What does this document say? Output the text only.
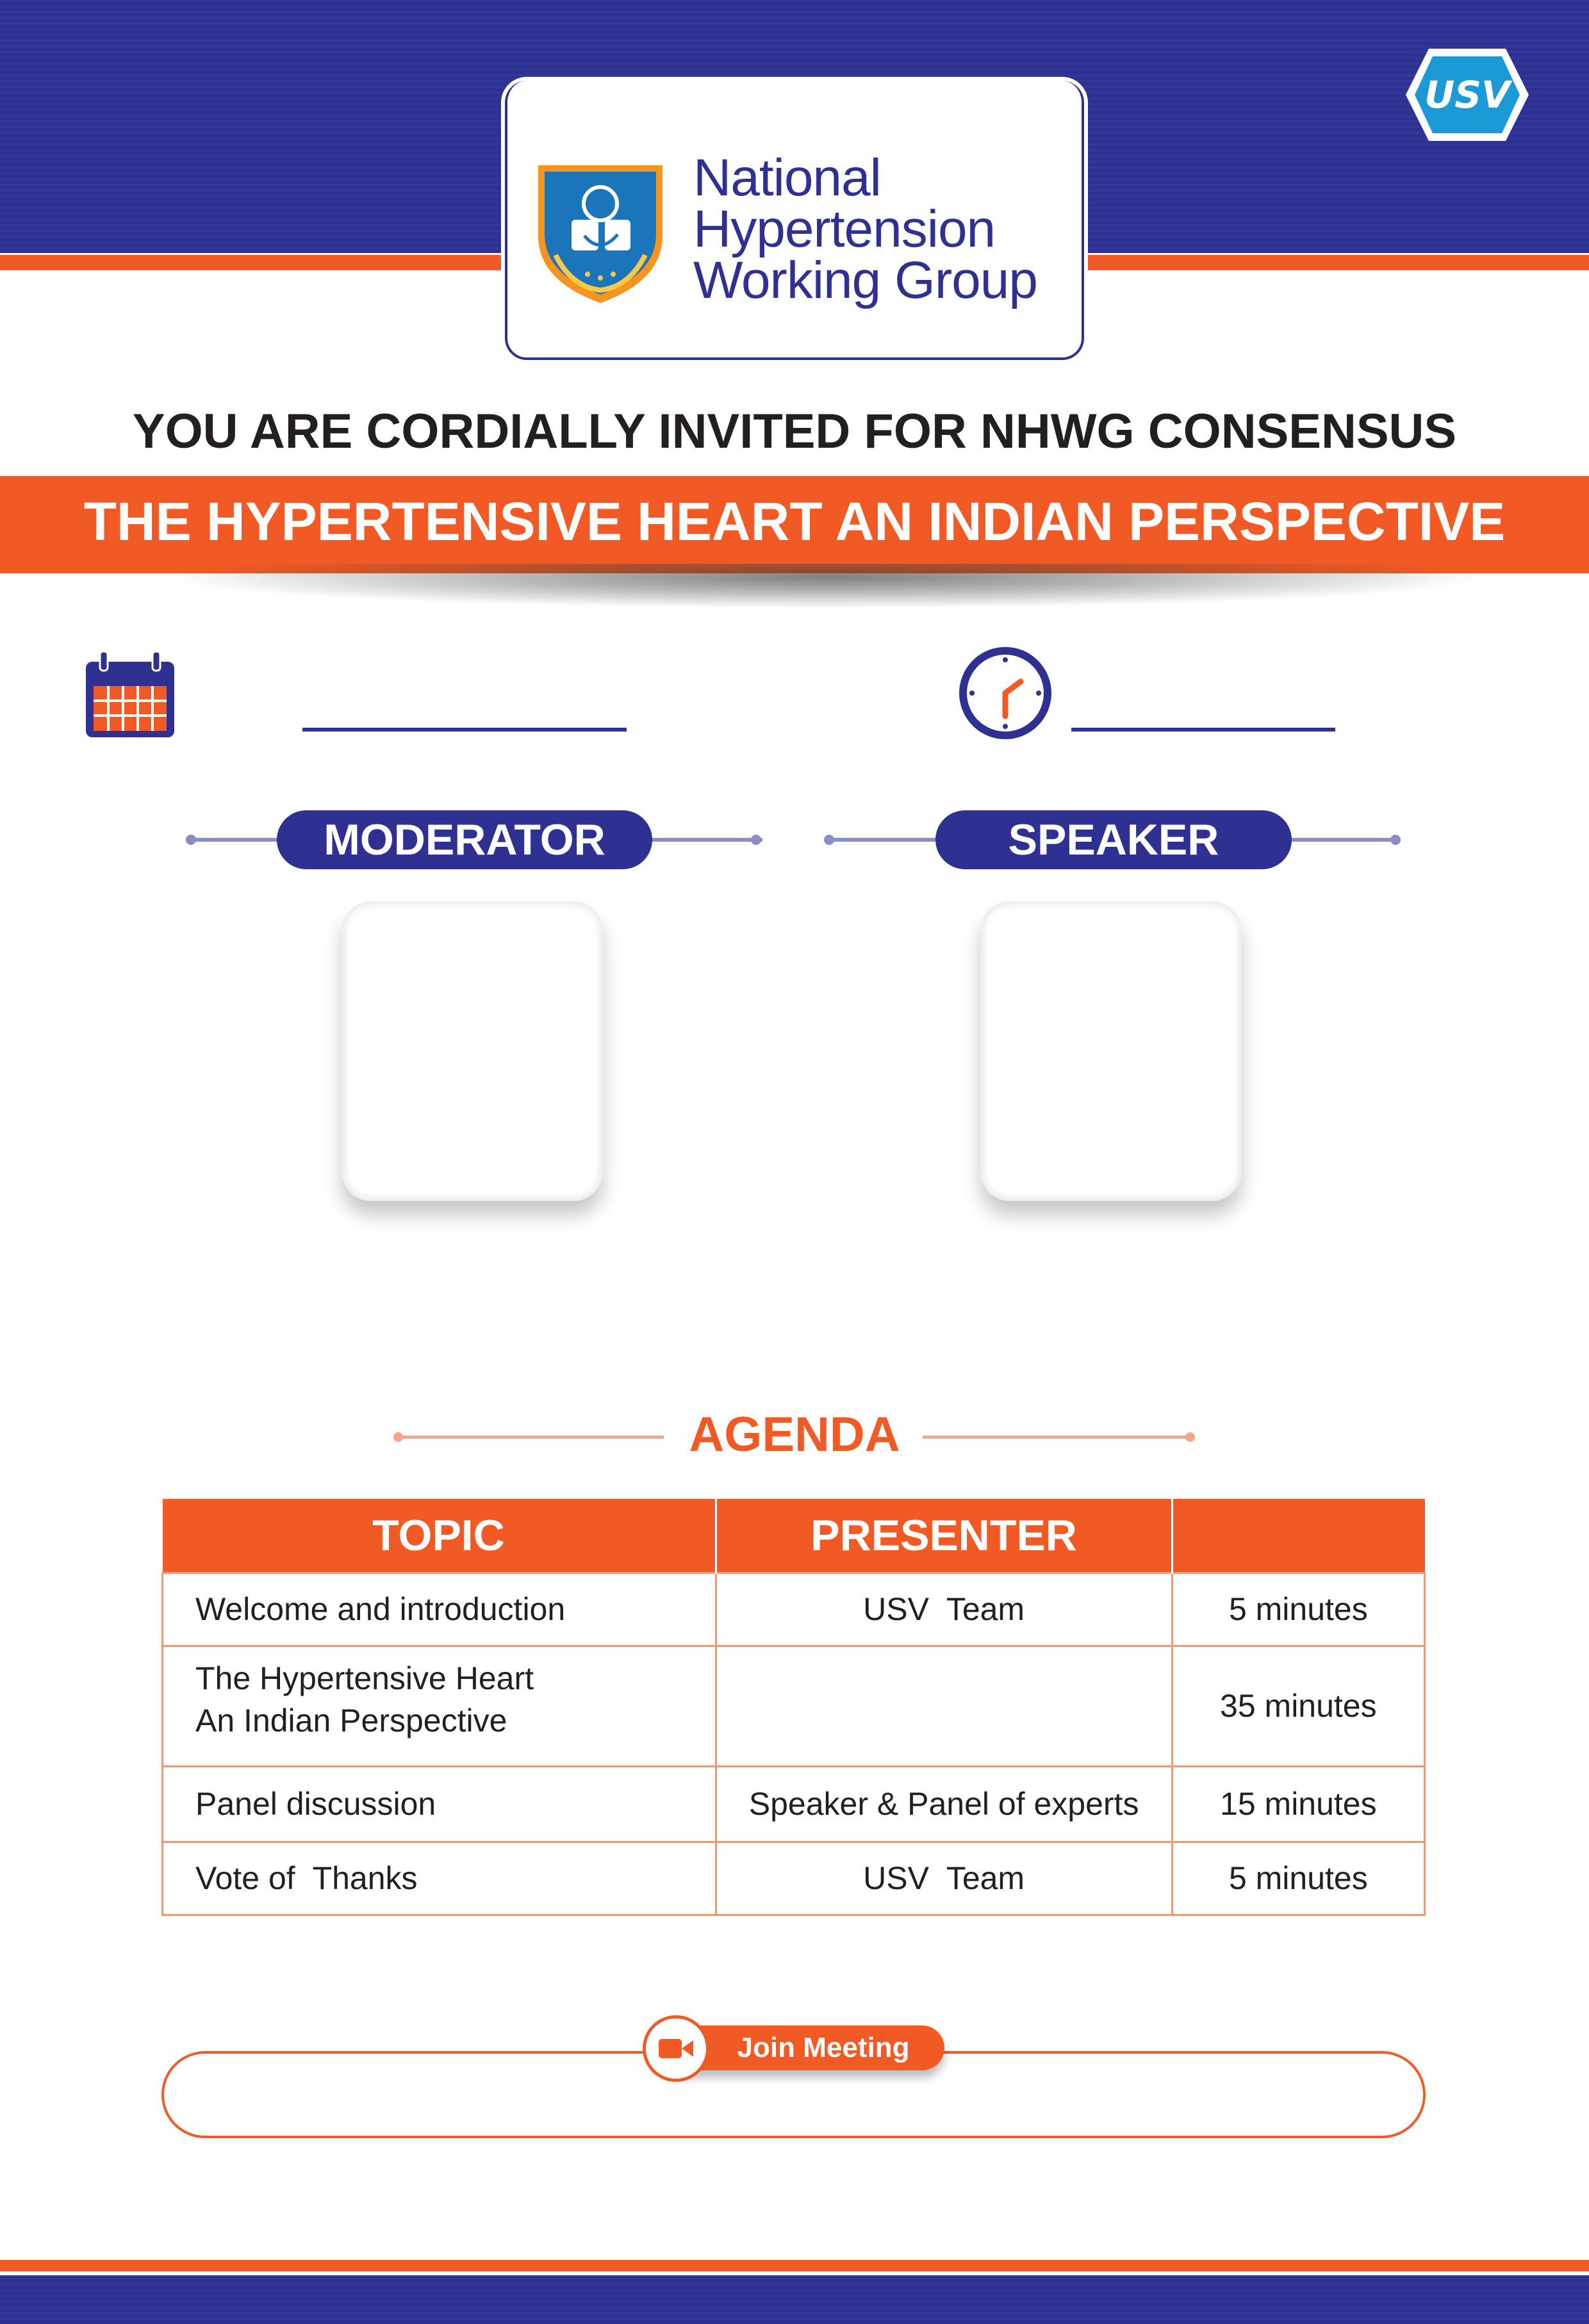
National
Hypertension
Working Group
USV
YOU ARE CORDIALLY INVITED FOR NHWG CONSENSUS
THE HYPERTENSIVE HEART AN INDIAN PERSPECTIVE
MODERATOR	SPEAKER
AGENDA
TOPIC	PRESENTER	
Welcome and introduction	USV  Team	5 minutes

The Hypertensive Heart
An Indian Perspective		35 minutes
Panel discussion	Speaker & Panel of experts	15 minutes
Vote of  Thanks	USV  Team	5 minutes
Join Meeting
